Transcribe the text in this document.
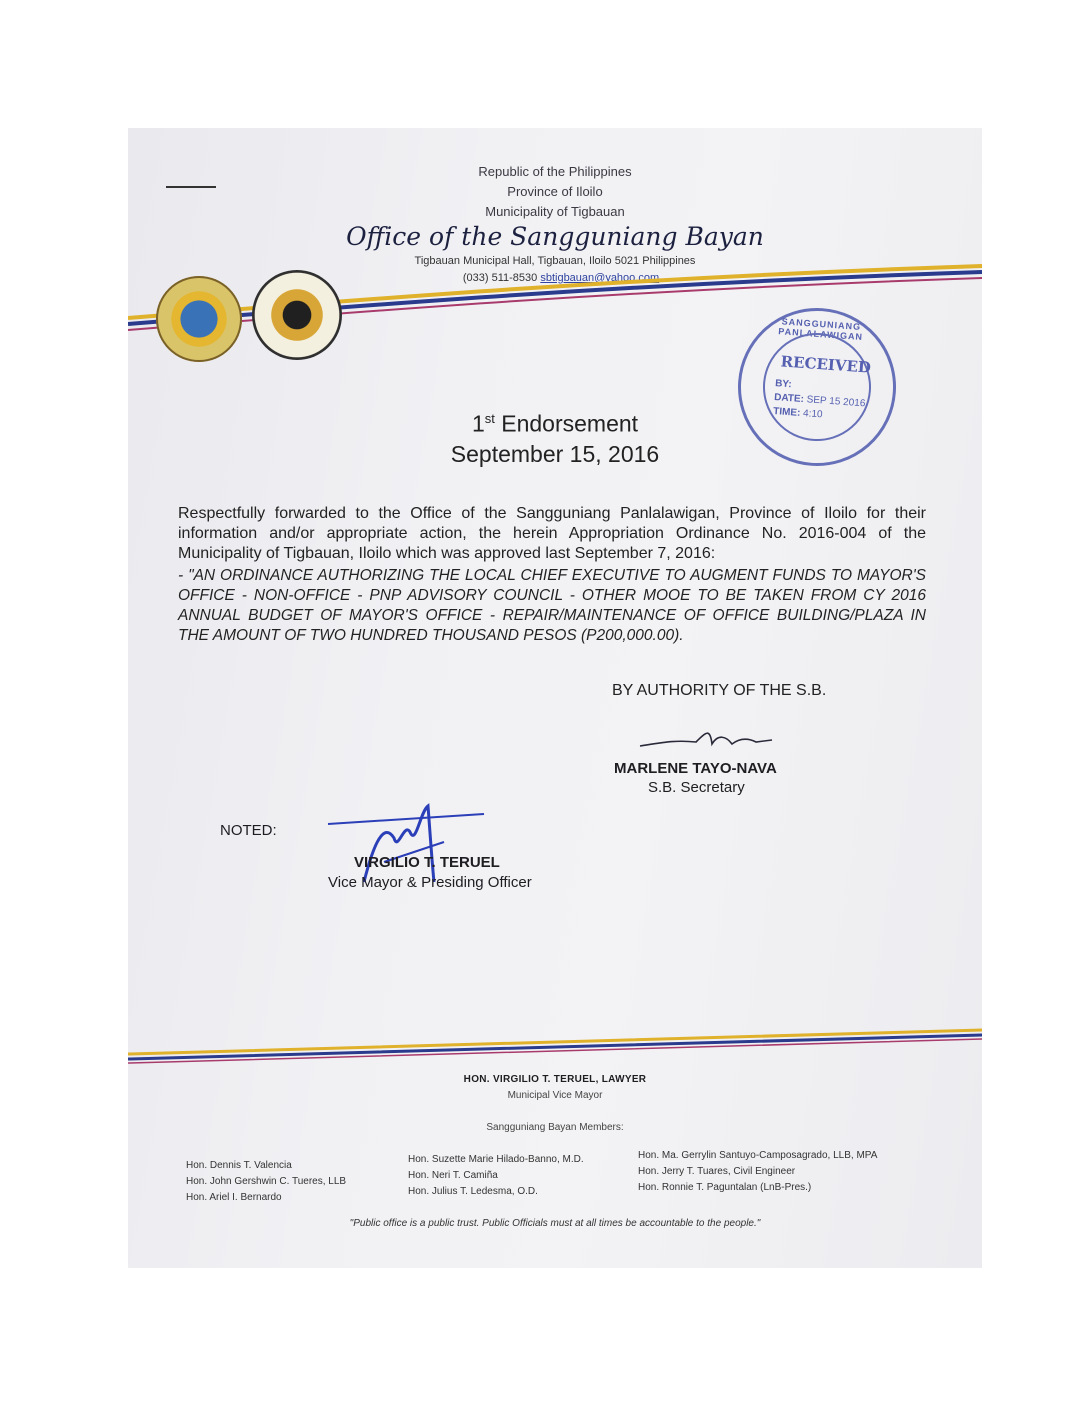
Republic of the Philippines
Province of Iloilo
Municipality of Tigbauan
Office of the Sangguniang Bayan
Tigbauan Municipal Hall, Tigbauan, Iloilo 5021 Philippines
(033) 511-8530 sbtigbauan@yahoo.com
SANGGUNIANG PANLALAWIGAN
RECEIVED
BY:
DATE: SEP 15 2016
TIME: 4:10
1st Endorsement
September 15, 2016
Respectfully forwarded to the Office of the Sangguniang Panlalawigan, Province of Iloilo for their information and/or appropriate action, the herein Appropriation Ordinance No. 2016-004 of the Municipality of Tigbauan, Iloilo which was approved last September 7, 2016:
- "AN ORDINANCE AUTHORIZING THE LOCAL CHIEF EXECUTIVE TO AUGMENT FUNDS TO MAYOR'S OFFICE - NON-OFFICE - PNP ADVISORY COUNCIL - OTHER MOOE TO BE TAKEN FROM CY 2016 ANNUAL BUDGET OF MAYOR'S OFFICE - REPAIR/MAINTENANCE OF OFFICE BUILDING/PLAZA IN THE AMOUNT OF TWO HUNDRED THOUSAND PESOS (P200,000.00).
BY AUTHORITY OF THE S.B.
MARLENE TAYO-NAVA
S.B. Secretary
NOTED:
VIRGILIO T. TERUEL
Vice Mayor & Presiding Officer
HON. VIRGILIO T. TERUEL, LAWYER
Municipal Vice Mayor
Sangguniang Bayan Members:
Hon. Dennis T. Valencia
Hon. John Gershwin C. Tueres, LLB
Hon. Ariel I. Bernardo
Hon. Suzette Marie Hilado-Banno, M.D.
Hon. Neri T. Camiña
Hon. Julius T. Ledesma, O.D.
Hon. Ma. Gerrylin Santuyo-Camposagrado, LLB, MPA
Hon. Jerry T. Tuares, Civil Engineer
Hon. Ronnie T. Paguntalan (LnB-Pres.)
"Public office is a public trust. Public Officials must at all times be accountable to the people."
